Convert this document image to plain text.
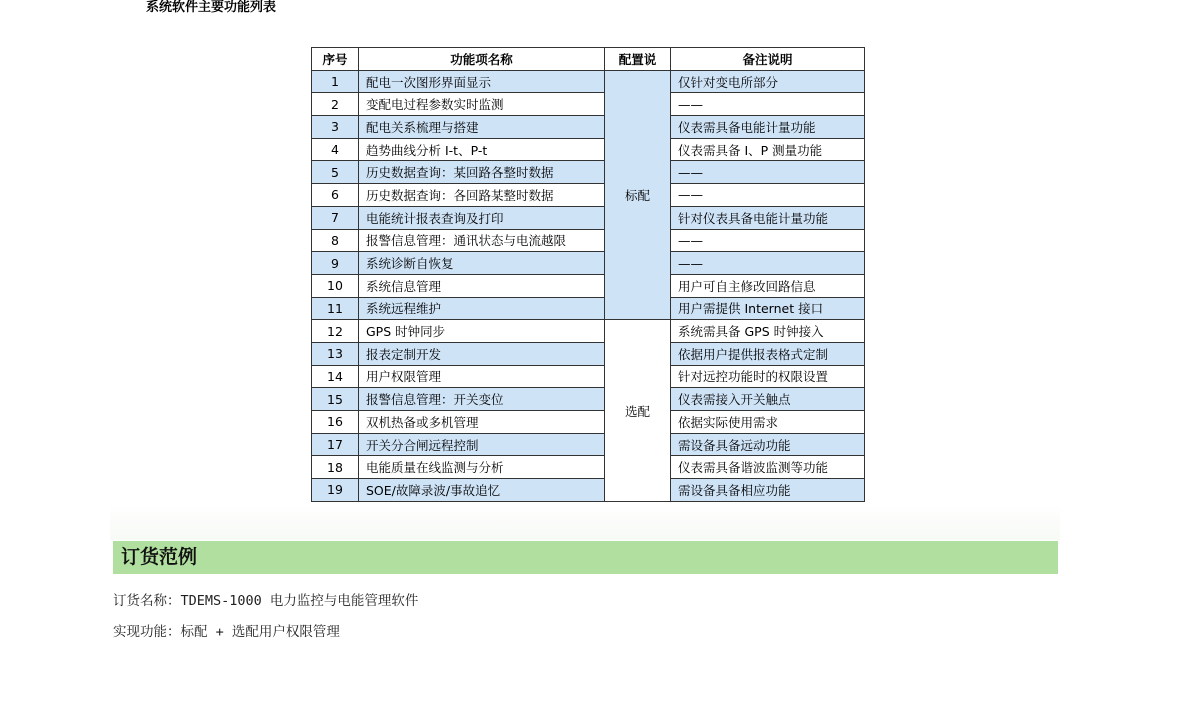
系统软件主要功能列表
序号	功能项名称	配置说	备注说明
1	配电一次图形界面显示	标配	仅针对变电所部分
2	变配电过程参数实时监测		——
3	配电关系梳理与搭建		仪表需具备电能计量功能
4	趋势曲线分析 I-t、P-t		仪表需具备 I、P 测量功能
5	历史数据查询：某回路各整时数据		——
6	历史数据查询：各回路某整时数据		——
7	电能统计报表查询及打印		针对仪表具备电能计量功能
8	报警信息管理：通讯状态与电流越限		——
9	系统诊断自恢复		——
10	系统信息管理		用户可自主修改回路信息
11	系统远程维护		用户需提供 Internet 接口
12	GPS 时钟同步	选配	系统需具备 GPS 时钟接入
13	报表定制开发		依据用户提供报表格式定制
14	用户权限管理		针对远控功能时的权限设置
15	报警信息管理：开关变位		仪表需接入开关触点
16	双机热备或多机管理		依据实际使用需求
17	开关分合闸远程控制		需设备具备远动功能
18	电能质量在线监测与分析		仪表需具备谐波监测等功能
19	SOE/故障录波/事故追忆		需设备具备相应功能
订货范例
订货名称：TDEMS-1000 电力监控与电能管理软件
实现功能：标配 + 选配用户权限管理
